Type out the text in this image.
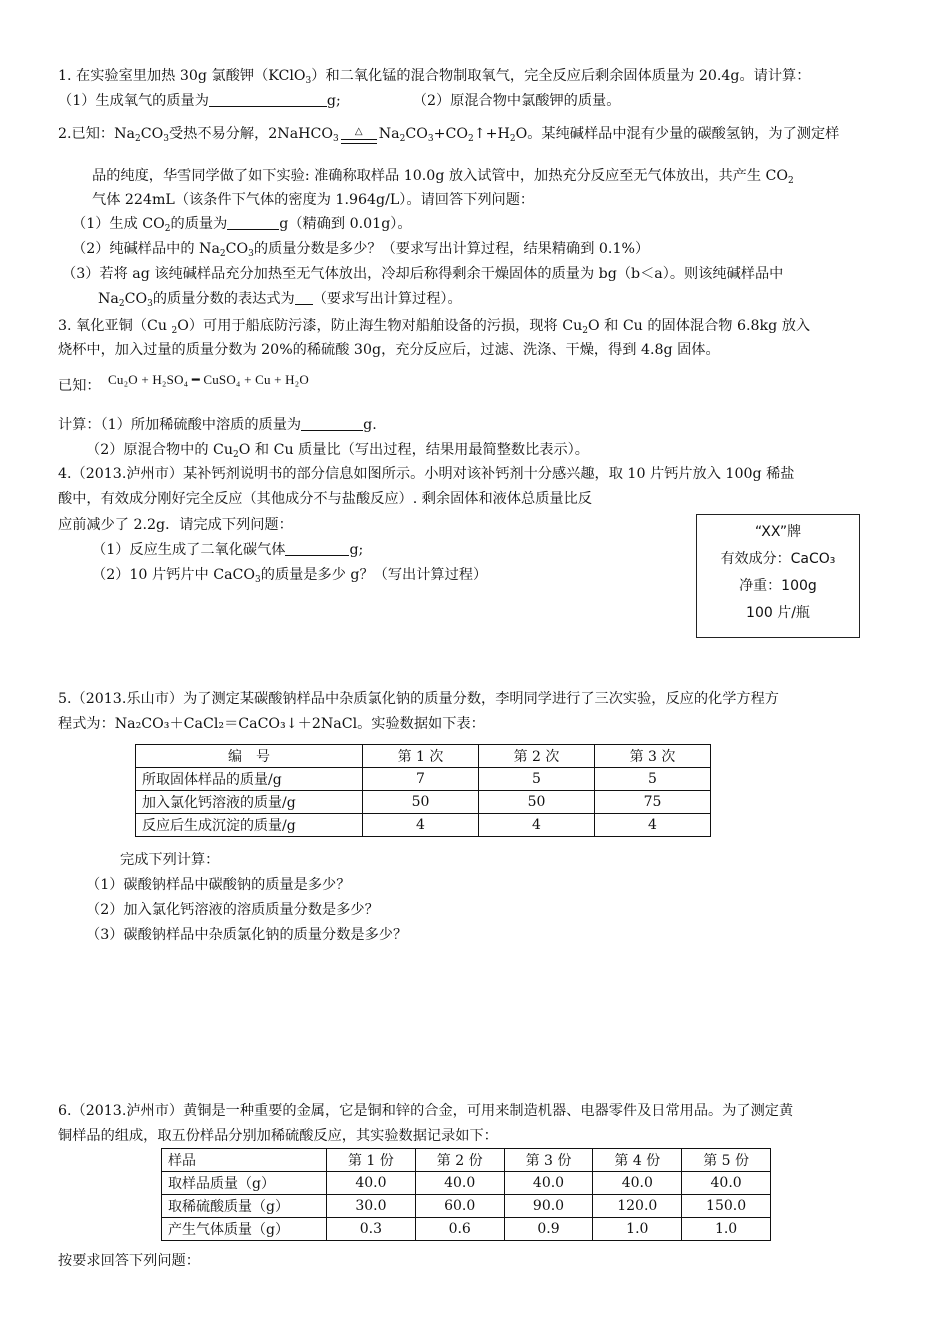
1. 在实验室里加热 30g 氯酸钾（KClO$_3$）和二氧化锰的混合物制取氧气，完全反应后剩余固体质量为 20.4g。请计算：
（1）生成氧气的质量为	g;	（2）原混合物中氯酸钾的质量。
2.已知：$Na_2CO_3$受热不易分解，2NaHCO$_3$△ $Na_2CO_3+CO_2↑+H_2O$。某纯碱样品中混有少量的碳酸氢钠，为了测定样
品的纯度，华雪同学做了如下实验: 准确称取样品 10.0g 放入试管中，加热充分反应至无气体放出，共产生 $CO_2$
气体 224mL（该条件下气体的密度为 1.964g/L）。请回答下列问题：
（1）生成 $CO_2$的质量为	g（精确到 0.01g）。
（2）纯碱样品中的 $Na_2CO_3$的质量分数是多少？（要求写出计算过程，结果精确到 0.1%）
（3）若将 ag 该纯碱样品充分加热至无气体放出，冷却后称得剩余干燥固体的质量为 bg（b＜a）。则该纯碱样品中
$Na_2CO_3$的质量分数的表达式为 （要求写出计算过程）。
3. 氧化亚铜（Cu $_2$O）可用于船底防污漆，防止海生物对船舶设备的污损，现将 $Cu_2O$ 和 Cu 的固体混合物 6.8kg 放入
烧杯中，加入过量的质量分数为 20%的稀硫酸 30g，充分反应后，过滤、洗涤、干燥，得到 4.8g 固体。
已知： Cu₂O + H₂SO₄ ━ CuSO₄ + Cu + H₂O
计算：（1）所加稀硫酸中溶质的质量为	g.
（2）原混合物中的 $Cu_2O$ 和 Cu 质量比（写出过程，结果用最简整数比表示）。
4.（2013.泸州市）某补钙剂说明书的部分信息如图所示。小明对该补钙剂十分感兴趣，取 10 片钙片放入 100g 稀盐
酸中，有效成分刚好完全反应（其他成分不与盐酸反应）. 剩余固体和液体总质量比反
应前减少了 2.2g．请完成下列问题：
（1）反应生成了二氧化碳气体	g;
（2）10 片钙片中 CaCO$_3$的质量是多少 g？（写出计算过程）
“XX”牌
有效成分：CaCO₃
净重：100g
100 片/瓶
5.（2013.乐山市）为了测定某碳酸钠样品中杂质氯化钠的质量分数，李明同学进行了三次实验，反应的化学方程方
程式为：Na₂CO₃＋CaCl₂＝CaCO₃↓＋2NaCl。实验数据如下表：
编　号	第 1 次	第 2 次	第 3 次
所取固体样品的质量/g	7	5	5
加入氯化钙溶液的质量/g	50	50	75
反应后生成沉淀的质量/g	4	4	4
完成下列计算：
（1）碳酸钠样品中碳酸钠的质量是多少？
（2）加入氯化钙溶液的溶质质量分数是多少？
（3）碳酸钠样品中杂质氯化钠的质量分数是多少？
6.（2013.泸州市）黄铜是一种重要的金属，它是铜和锌的合金，可用来制造机器、电器零件及日常用品。为了测定黄
铜样品的组成，取五份样品分别加稀硫酸反应，其实验数据记录如下：
样品	第 1 份	第 2 份	第 3 份	第 4 份	第 5 份
取样品质量（g）	40.0	40.0	40.0	40.0	40.0
取稀硫酸质量（g）	30.0	60.0	90.0	120.0	150.0
产生气体质量（g）	0.3	0.6	0.9	1.0	1.0
按要求回答下列问题：
